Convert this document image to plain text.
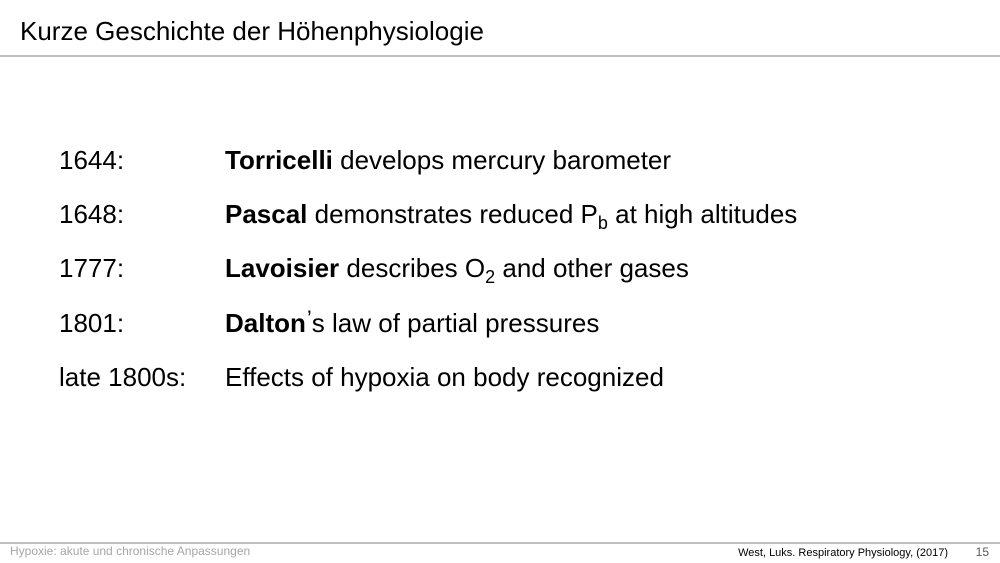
Kurze Geschichte der Höhenphysiologie
1644:	Torricelli develops mercury barometer
1648:	Pascal demonstrates reduced $P_b$ at high altitudes
1777:	Lavoisier describes $O_2$ and other gases
1801:	Dalton’s law of partial pressures
late 1800s: Effects of hypoxia on body recognized
Hypoxie: akute und chronische Anpassungen	West, Luks. Respiratory Physiology, (2017) 15
